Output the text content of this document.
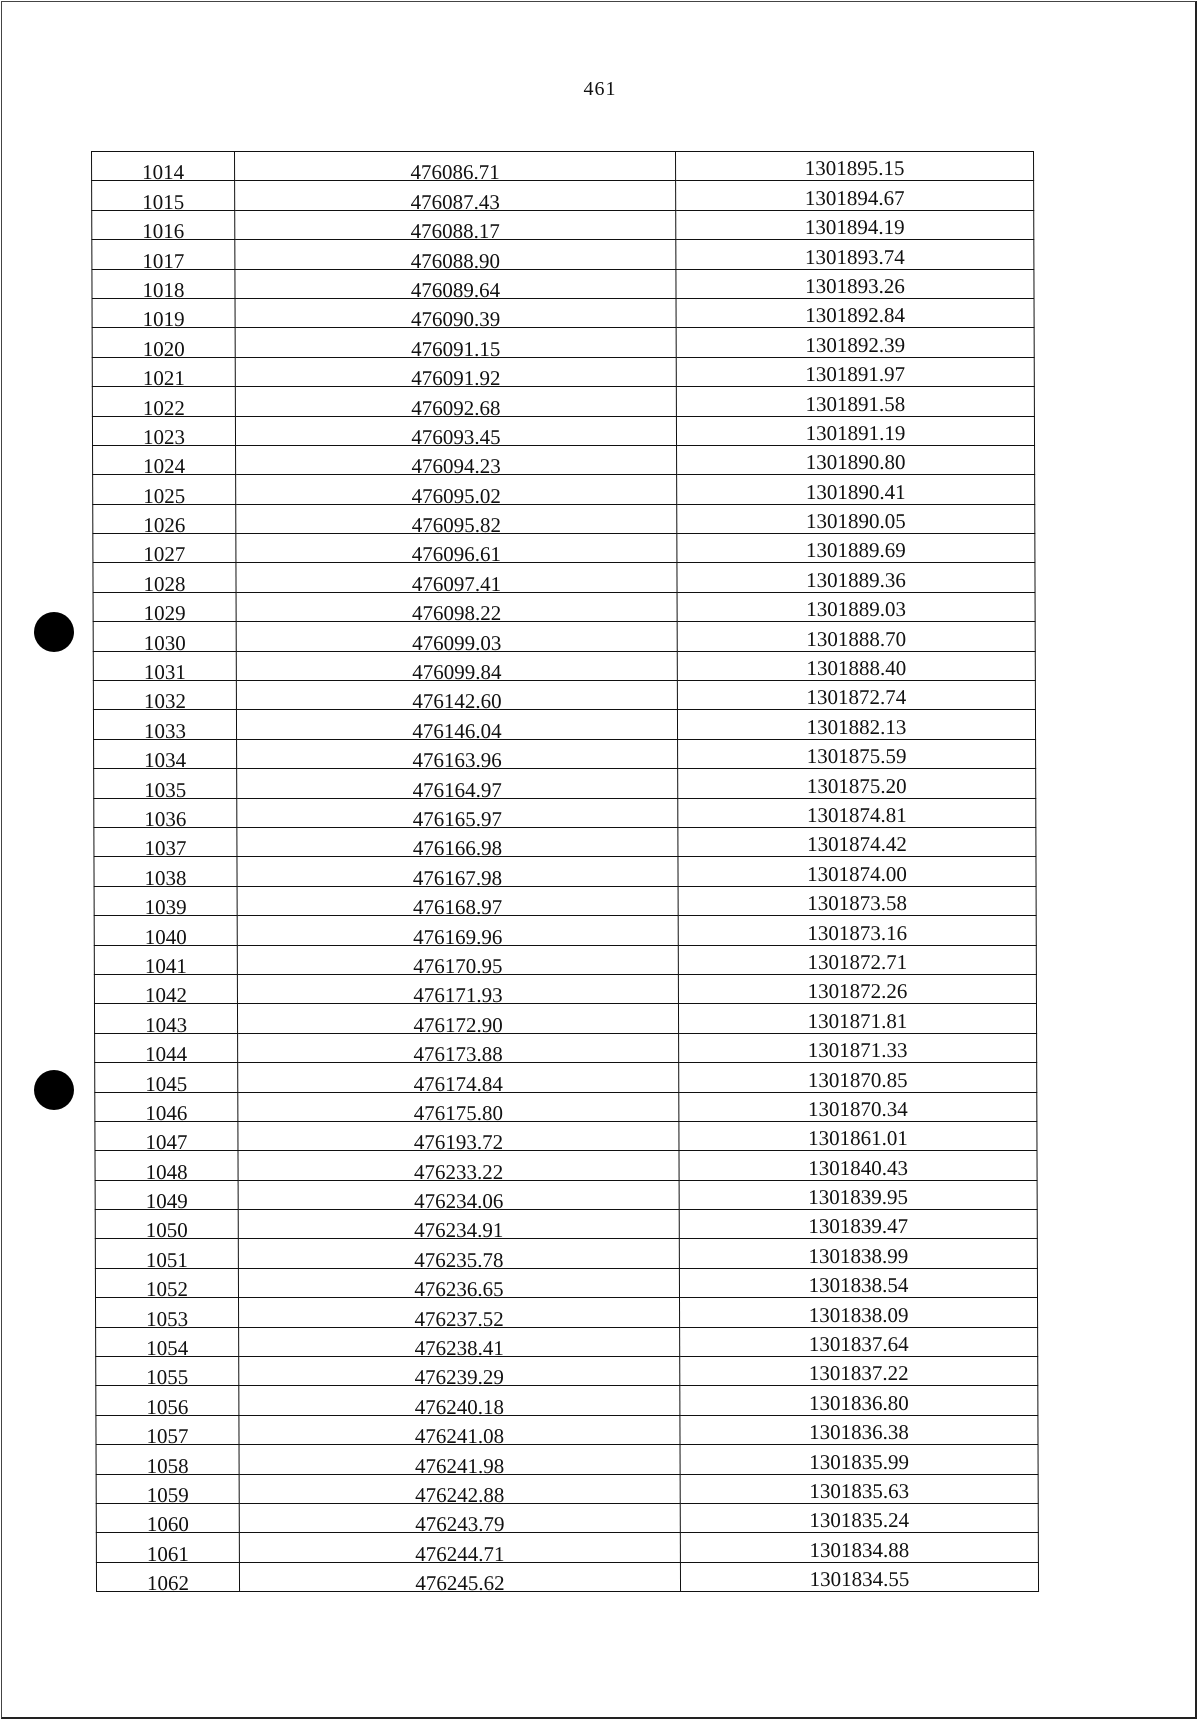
461
1014	476086.71	1301895.15
1015	476087.43	1301894.67
1016	476088.17	1301894.19
1017	476088.90	1301893.74
1018	476089.64	1301893.26
1019	476090.39	1301892.84
1020	476091.15	1301892.39
1021	476091.92	1301891.97
1022	476092.68	1301891.58
1023	476093.45	1301891.19
1024	476094.23	1301890.80
1025	476095.02	1301890.41
1026	476095.82	1301890.05
1027	476096.61	1301889.69
1028	476097.41	1301889.36
1029	476098.22	1301889.03
1030	476099.03	1301888.70
1031	476099.84	1301888.40
1032	476142.60	1301872.74
1033	476146.04	1301882.13
1034	476163.96	1301875.59
1035	476164.97	1301875.20
1036	476165.97	1301874.81
1037	476166.98	1301874.42
1038	476167.98	1301874.00
1039	476168.97	1301873.58
1040	476169.96	1301873.16
1041	476170.95	1301872.71
1042	476171.93	1301872.26
1043	476172.90	1301871.81
1044	476173.88	1301871.33
1045	476174.84	1301870.85
1046	476175.80	1301870.34
1047	476193.72	1301861.01
1048	476233.22	1301840.43
1049	476234.06	1301839.95
1050	476234.91	1301839.47
1051	476235.78	1301838.99
1052	476236.65	1301838.54
1053	476237.52	1301838.09
1054	476238.41	1301837.64
1055	476239.29	1301837.22
1056	476240.18	1301836.80
1057	476241.08	1301836.38
1058	476241.98	1301835.99
1059	476242.88	1301835.63
1060	476243.79	1301835.24
1061	476244.71	1301834.88
1062	476245.62	1301834.55
